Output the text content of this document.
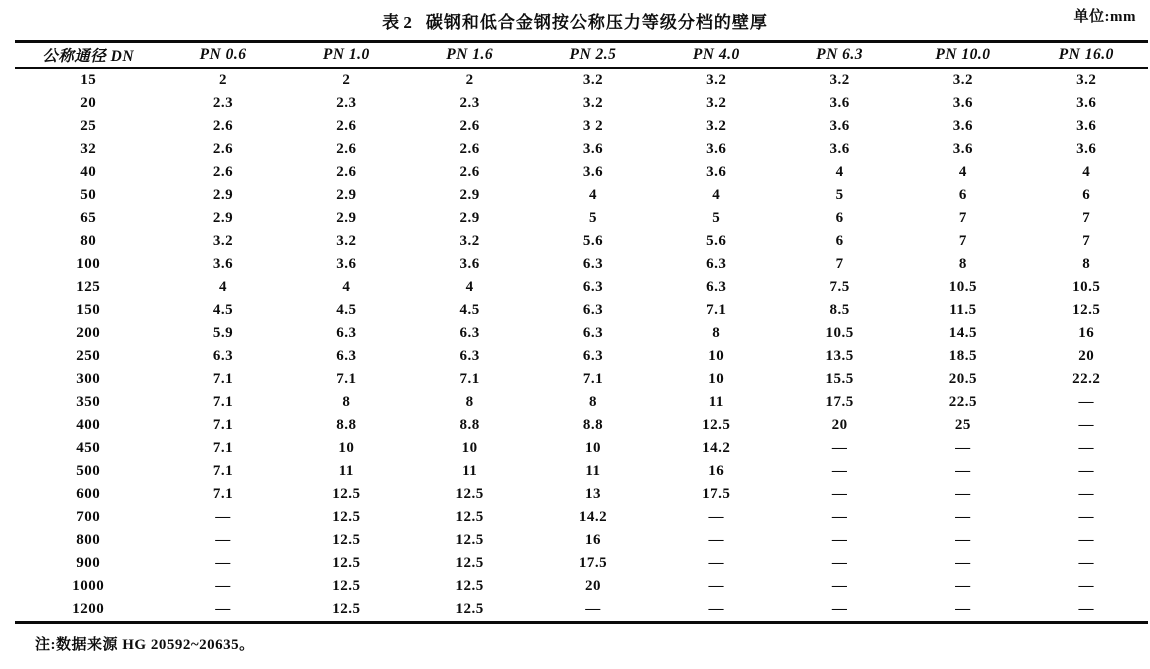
表 2 碳钢和低合金钢按公称压力等级分档的壁厚	单位:mm
公称通径 DN	PN 0.6	PN 1.0	PN 1.6	PN 2.5	PN 4.0	PN 6.3	PN 10.0	PN 16.0
15	2	2	2	3.2	3.2	3.2	3.2	3.2
20	2.3	2.3	2.3	3.2	3.2	3.6	3.6	3.6
25	2.6	2.6	2.6	3 2	3.2	3.6	3.6	3.6
32	2.6	2.6	2.6	3.6	3.6	3.6	3.6	3.6
40	2.6	2.6	2.6	3.6	3.6	4	4	4
50	2.9	2.9	2.9	4	4	5	6	6
65	2.9	2.9	2.9	5	5	6	7	7
80	3.2	3.2	3.2	5.6	5.6	6	7	7
100	3.6	3.6	3.6	6.3	6.3	7	8	8
125	4	4	4	6.3	6.3	7.5	10.5	10.5
150	4.5	4.5	4.5	6.3	7.1	8.5	11.5	12.5
200	5.9	6.3	6.3	6.3	8	10.5	14.5	16
250	6.3	6.3	6.3	6.3	10	13.5	18.5	20
300	7.1	7.1	7.1	7.1	10	15.5	20.5	22.2
350	7.1	8	8	8	11	17.5	22.5	—
400	7.1	8.8	8.8	8.8	12.5	20	25	—
450	7.1	10	10	10	14.2	—	—	—
500	7.1	11	11	11	16	—	—	—
600	7.1	12.5	12.5	13	17.5	—	—	—
700	—	12.5	12.5	14.2	—	—	—	—
800	—	12.5	12.5	16	—	—	—	—
900	—	12.5	12.5	17.5	—	—	—	—
1000	—	12.5	12.5	20	—	—	—	—
1200	—	12.5	12.5	—	—	—	—	—
注:数据来源 HG 20592~20635。
